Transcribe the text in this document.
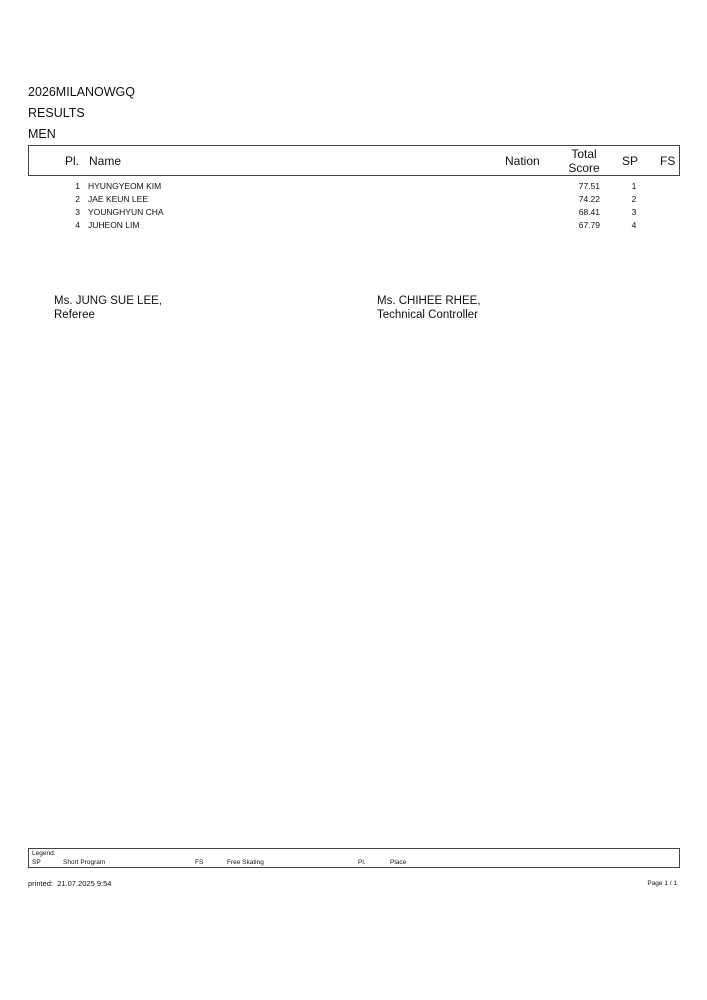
2026MILANOWGQ
RESULTS
MEN
Pl. Name	Nation	Total
Score	SP FS
1 HYUNGYEOM KIM	77.51	1
2 JAE KEUN LEE	74.22	2
3 YOUNGHYUN CHA	68.41	3
4 JUHEON LIM	67.79	4
Ms. JUNG SUE LEE,
Referee
Ms. CHIHEE RHEE,
Technical Controller
Legend:
SP	Short Program	FS	Free Skating	Pl.	Place
printed: 21.07.2025 9:54	Page 1 / 1
